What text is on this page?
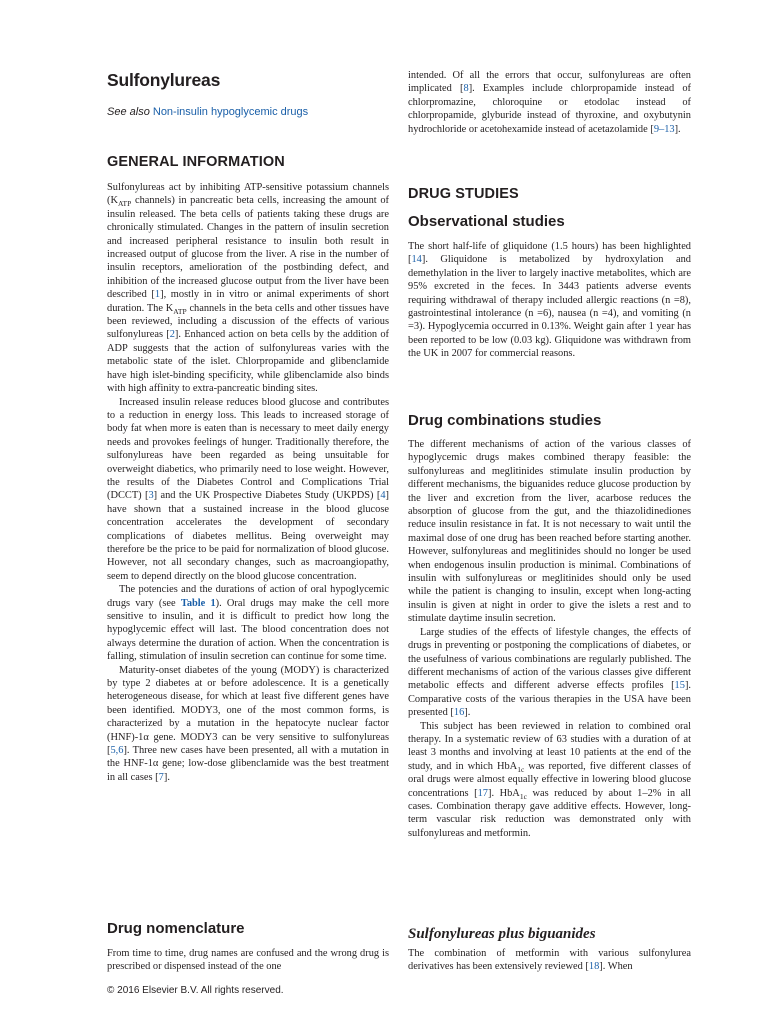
Sulfonylureas

See also Non-insulin hypoglycemic drugs

GENERAL INFORMATION

Sulfonylureas act by inhibiting ATP-sensitive potassium channels ($K_{ATP}$ channels) in pancreatic beta cells, increasing the amount of insulin released. The beta cells of patients taking these drugs are chronically stimulated. Changes in the pattern of insulin secretion and increased peripheral resistance to insulin both result in increased output of glucose from the liver. A rise in the number of insulin receptors, amelioration of the postbinding defect, and inhibition of the increased glucose output from the liver have been described [1], mostly in in vitro or animal experiments of short duration. The $K_{ATP}$ channels in the beta cells and other tissues have been reviewed, including a discussion of the effects of various sulfonylureas [2]. Enhanced action on beta cells by the addition of ADP suggests that the action of sulfonylureas varies with the metabolic state of the islet. Chlorpropamide and glibenclamide have high islet-binding specificity, while glibenclamide also binds with high affinity to extra-pancreatic binding sites.

Increased insulin release reduces blood glucose and contributes to a reduction in energy loss. This leads to increased storage of body fat when more is eaten than is necessary to meet daily energy needs and provokes feelings of hunger. Traditionally therefore, the sulfonylureas have been regarded as being unsuitable for overweight diabetics, who primarily need to lose weight. However, the results of the Diabetes Control and Complications Trial (DCCT) [3] and the UK Prospective Diabetes Study (UKPDS) [4] have shown that a sustained increase in the blood glucose concentration accelerates the development of secondary complications of diabetes mellitus. Being overweight may therefore be the price to be paid for normalization of blood glucose. However, not all secondary changes, such as macroangiopathy, seem to depend directly on the blood glucose concentration.

The potencies and the durations of action of oral hypoglycemic drugs vary (see Table 1). Oral drugs may make the cell more sensitive to insulin, and it is difficult to predict how long the hypoglycemic effect will last. The blood concentration does not always determine the duration of action. When the concentration is falling, stimulation of insulin secretion can continue for some time.

Maturity-onset diabetes of the young (MODY) is characterized by type 2 diabetes at or before adolescence. It is a genetically heterogeneous disease, for which at least five different genes have been identified. MODY3, one of the most common forms, is characterized by a mutation in the hepatocyte nuclear factor (HNF)-1α gene. MODY3 can be very sensitive to sulfonylureas [5,6]. Three new cases have been presented, all with a mutation in the HNF-1α gene; low-dose glibenclamide was the best treatment in all cases [7].

Drug nomenclature

From time to time, drug names are confused and the wrong drug is prescribed or dispensed instead of the one

intended. Of all the errors that occur, sulfonylureas are often implicated [8]. Examples include chlorpropamide instead of chlorpromazine, chloroquine or etodolac instead of chlorpropamide, glyburide instead of thyroxine, and oxybutynin hydrochloride or acetohexamide instead of acetazolamide [9–13].

DRUG STUDIES
Observational studies

The short half-life of gliquidone (1.5 hours) has been highlighted [14]. Gliquidone is metabolized by hydroxylation and demethylation in the liver to largely inactive metabolites, which are 95% excreted in the feces. In 3443 patients adverse events requiring withdrawal of therapy included allergic reactions (n =8), gastrointestinal intolerance (n =6), nausea (n =4), and vomiting (n =3). Hypoglycemia occurred in 0.13%. Weight gain after 1 year has been reported to be low (0.03 kg). Gliquidone was withdrawn from the UK in 2007 for commercial reasons.

Drug combinations studies

The different mechanisms of action of the various classes of hypoglycemic drugs makes combined therapy feasible: the sulfonylureas and meglitinides stimulate insulin production by different mechanisms, the biguanides reduce glucose production by the liver and excretion from the liver, acarbose reduces the absorption of glucose from the gut, and the thiazolidinediones reduce insulin resistance in fat. It is not necessary to wait until the maximal dose of one drug has been reached before starting another. However, sulfonylureas and meglitinides should no longer be used when endogenous insulin production is minimal. Combinations of insulin with sulfonylureas or meglitinides should only be used while the patient is changing to insulin, except when long-acting insulin is given at night in order to give the islets a rest and to stimulate daytime insulin secretion.

Large studies of the effects of lifestyle changes, the effects of drugs in preventing or postponing the complications of diabetes, or the usefulness of various combinations are regularly published. The different mechanisms of action of the various classes give different metabolic effects and different adverse effects profiles [15]. Comparative costs of the various therapies in the USA have been presented [16].

This subject has been reviewed in relation to combined oral therapy. In a systematic review of 63 studies with a duration of at least 3 months and involving at least 10 patients at the end of the study, and in which HbA$_{1c}$ was reported, five different classes of oral drugs were almost equally effective in lowering blood glucose concentrations [17]. HbA$_{1c}$ was reduced by about 1–2% in all cases. Combination therapy gave additive effects. However, long-term vascular risk reduction was demonstrated only with sulfonylureas and metformin.

Sulfonylureas plus biguanides

The combination of metformin with various sulfonylurea derivatives has been extensively reviewed [18]. When

© 2016 Elsevier B.V. All rights reserved.
